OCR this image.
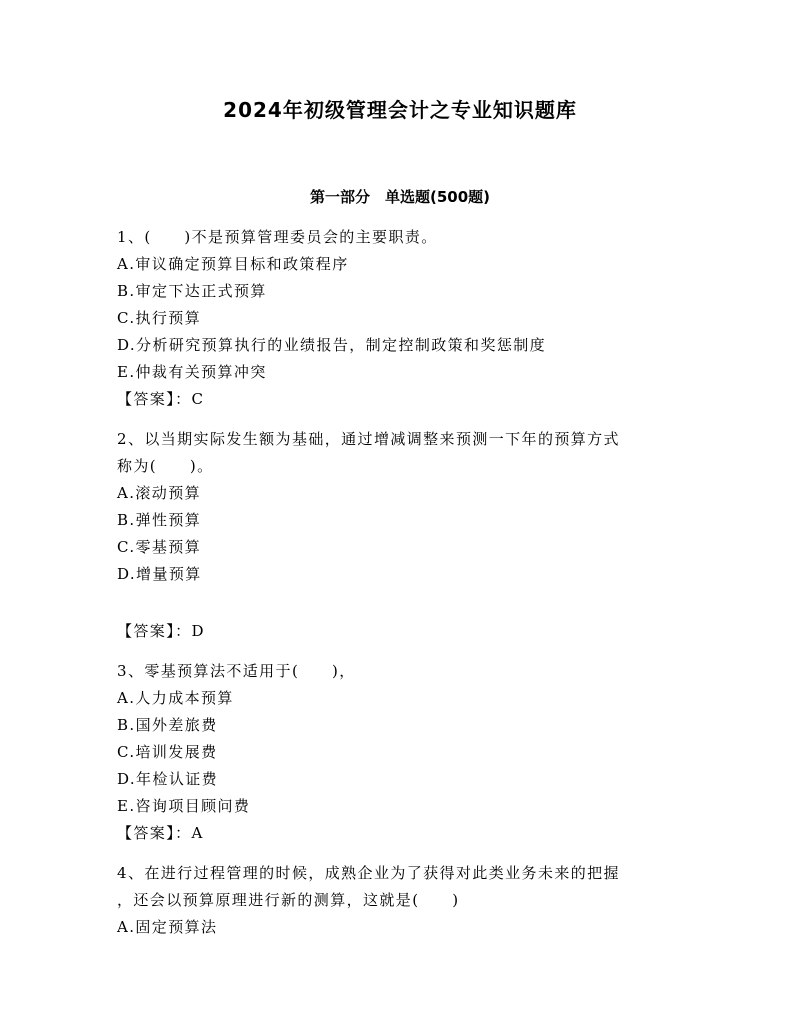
2024年初级管理会计之专业知识题库
第一部分　单选题(500题)
1、(　　)不是预算管理委员会的主要职责。
A.审议确定预算目标和政策程序
B.审定下达正式预算
C.执行预算
D.分析研究预算执行的业绩报告，制定控制政策和奖惩制度
E.仲裁有关预算冲突
【答案】：C
2、以当期实际发生额为基础，通过增减调整来预测一下年的预算方式
称为(　　)。
A.滚动预算
B.弹性预算
C.零基预算
D.增量预算
【答案】：D
3、零基预算法不适用于(　　)，
A.人力成本预算
B.国外差旅费
C.培训发展费
D.年检认证费
E.咨询项目顾问费
【答案】：A
4、在进行过程管理的时候，成熟企业为了获得对此类业务未来的把握
，还会以预算原理进行新的测算，这就是(　　)
A.固定预算法
